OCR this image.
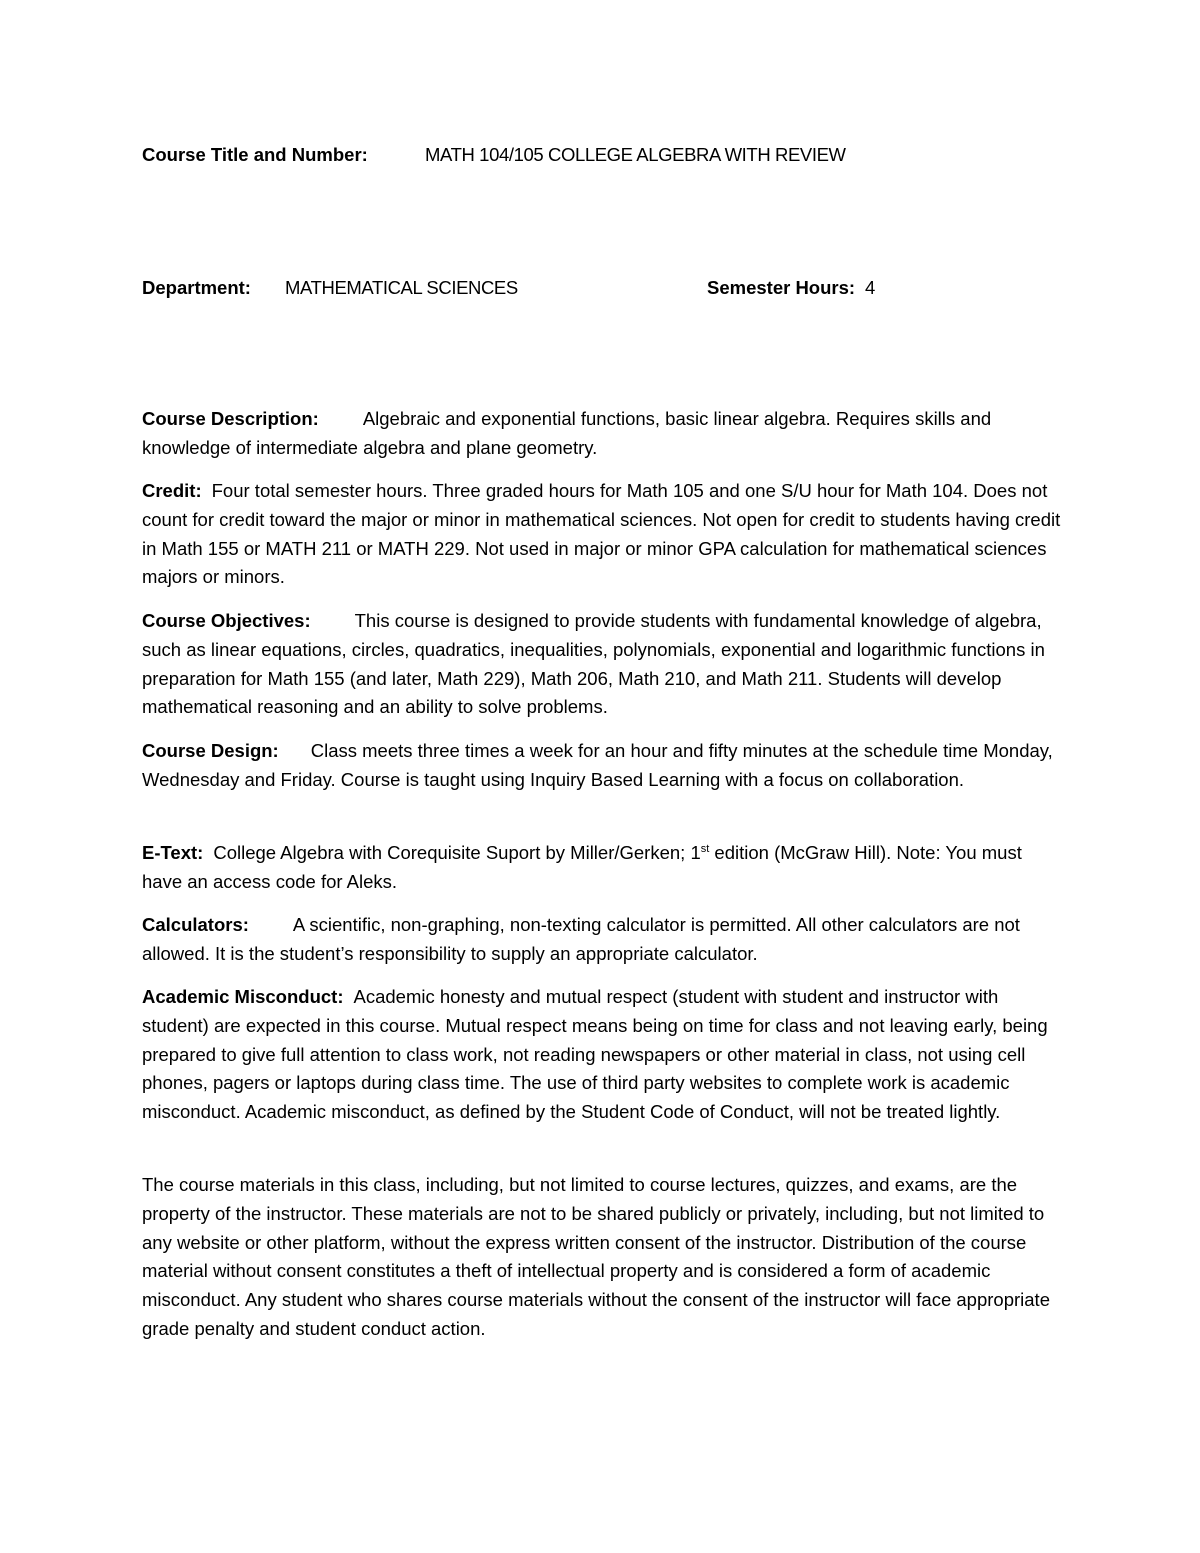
Course Title and Number:	MATH 104/105 COLLEGE ALGEBRA WITH REVIEW
Department: MATHEMATICAL SCIENCES	Semester Hours: 4

Course Description: Algebraic and exponential functions, basic linear algebra. Requires skills and knowledge of intermediate algebra and plane geometry.

Credit: Four total semester hours. Three graded hours for Math 105 and one S/U hour for Math 104. Does not count for credit toward the major or minor in mathematical sciences. Not open for credit to students having credit in Math 155 or MATH 211 or MATH 229. Not used in major or minor GPA calculation for mathematical sciences majors or minors.

Course Objectives: This course is designed to provide students with fundamental knowledge of algebra, such as linear equations, circles, quadratics, inequalities, polynomials, exponential and logarithmic functions in preparation for Math 155 (and later, Math 229), Math 206, Math 210, and Math 211. Students will develop mathematical reasoning and an ability to solve problems.

Course Design: Class meets three times a week for an hour and fifty minutes at the schedule time Monday, Wednesday and Friday. Course is taught using Inquiry Based Learning with a focus on collaboration.

E-Text: College Algebra with Corequisite Suport by Miller/Gerken; 1st edition (McGraw Hill). Note: You must have an access code for Aleks.

Calculators: A scientific, non-graphing, non-texting calculator is permitted. All other calculators are not allowed. It is the student’s responsibility to supply an appropriate calculator.

Academic Misconduct: Academic honesty and mutual respect (student with student and instructor with student) are expected in this course. Mutual respect means being on time for class and not leaving early, being prepared to give full attention to class work, not reading newspapers or other material in class, not using cell phones, pagers or laptops during class time. The use of third party websites to complete work is academic misconduct. Academic misconduct, as defined by the Student Code of Conduct, will not be treated lightly.

The course materials in this class, including, but not limited to course lectures, quizzes, and exams, are the property of the instructor. These materials are not to be shared publicly or privately, including, but not limited to any website or other platform, without the express written consent of the instructor. Distribution of the course material without consent constitutes a theft of intellectual property and is considered a form of academic misconduct. Any student who shares course materials without the consent of the instructor will face appropriate grade penalty and student conduct action.
